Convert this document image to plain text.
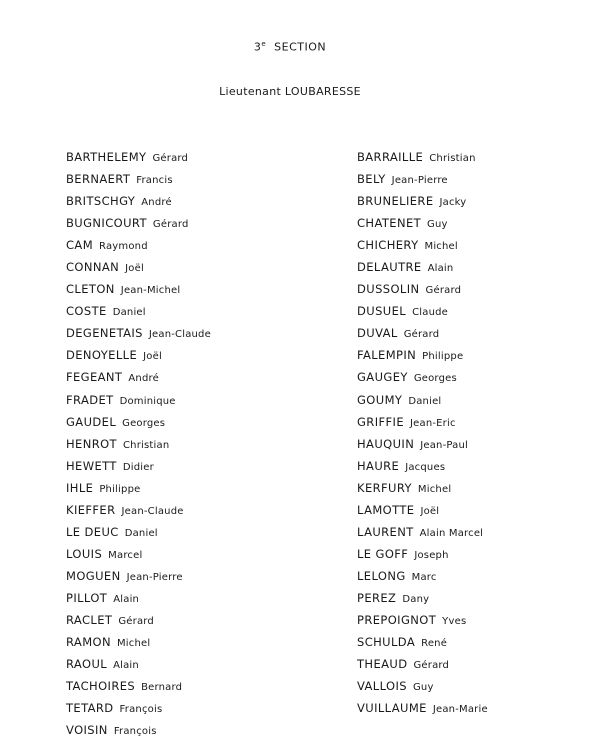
3e SECTION
Lieutenant LOUBARESSE
BARTHELEMY Gérard
BERNAERT Francis
BRITSCHGY André
BUGNICOURT Gérard
CAM Raymond
CONNAN Joël
CLETON Jean-Michel
COSTE Daniel
DEGENETAIS Jean-Claude
DENOYELLE Joël
FEGEANT André
FRADET Dominique
GAUDEL Georges
HENROT Christian
HEWETT Didier
IHLE Philippe
KIEFFER Jean-Claude
LE DEUC Daniel
LOUIS Marcel
MOGUEN Jean-Pierre
PILLOT Alain
RACLET Gérard
RAMON Michel
RAOUL Alain
TACHOIRES Bernard
TETARD François
VOISIN François
BARRAILLE Christian
BELY Jean-Pierre
BRUNELIERE Jacky
CHATENET Guy
CHICHERY Michel
DELAUTRE Alain
DUSSOLIN Gérard
DUSUEL Claude
DUVAL Gérard
FALEMPIN Philippe
GAUGEY Georges
GOUMY Daniel
GRIFFIE Jean-Eric
HAUQUIN Jean-Paul
HAURE Jacques
KERFURY Michel
LAMOTTE Joël
LAURENT Alain Marcel
LE GOFF Joseph
LELONG Marc
PEREZ Dany
PREPOIGNOT Yves
SCHULDA René
THEAUD Gérard
VALLOIS Guy
VUILLAUME Jean-Marie
